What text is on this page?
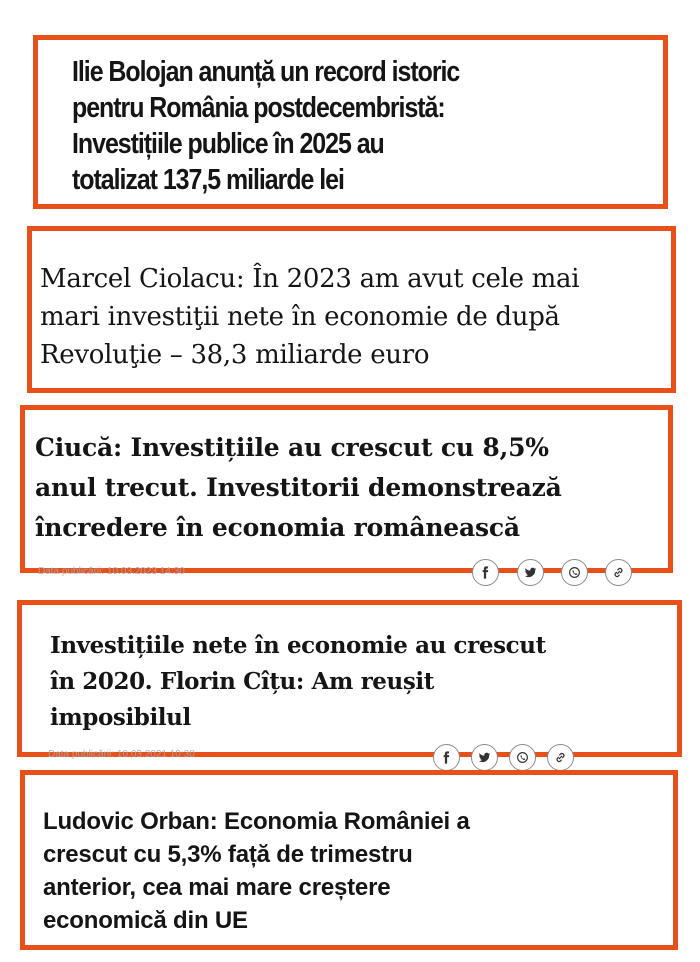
Ilie Bolojan anunță un record istoric
pentru România postdecembristă:
Investițiile publice în 2025 au
totalizat 137,5 miliarde lei
Marcel Ciolacu: În 2023 am avut cele mai
mari investiţii nete în economie de după
Revoluţie – 38,3 miliarde euro
Ciucă: Investițiile au crescut cu 8,5%
anul trecut. Investitorii demonstrează
încredere în economia românească
Data publicării: 10.03.2023 14:30
Investițiile nete în economie au crescut
în 2020. Florin Cîțu: Am reușit
imposibilul
Data publicării: 10.03.2021 10:30
Ludovic Orban: Economia României a
crescut cu 5,3% față de trimestru
anterior, cea mai mare creștere
economică din UE
